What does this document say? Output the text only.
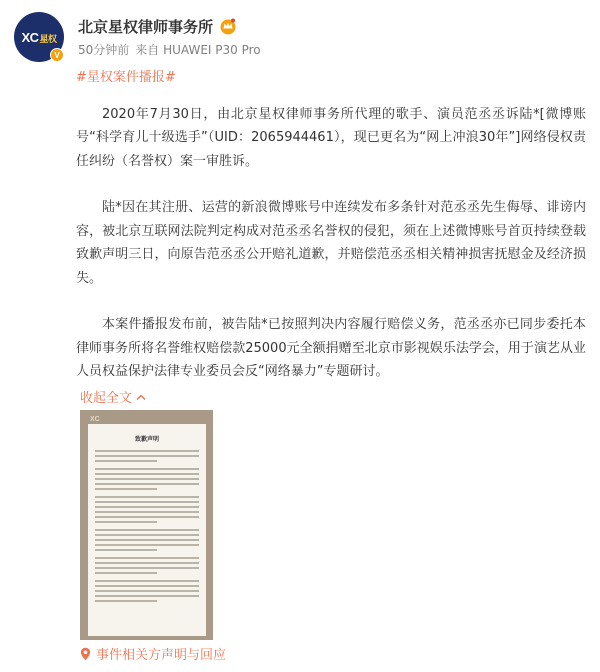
XC星权
V
北京星权律师事务所
50分钟前 来自 HUAWEI P30 Pro
#星权案件播报#

2020年7月30日，由北京星权律师事务所代理的歌手、演员范丞丞诉陆*[微博账号“科学育儿十级选手”（UID：2065944461），现已更名为“网上冲浪30年”]网络侵权责任纠纷（名誉权）案一审胜诉。

陆*因在其注册、运营的新浪微博账号中连续发布多条针对范丞丞先生侮辱、诽谤内容，被北京互联网法院判定构成对范丞丞名誉权的侵犯，须在上述微博账号首页持续登载致歉声明三日，向原告范丞丞公开赔礼道歉，并赔偿范丞丞相关精神损害抚慰金及经济损失。

本案件播报发布前，被告陆*已按照判决内容履行赔偿义务，范丞丞亦已同步委托本律师事务所将名誉维权赔偿款25000元全额捐赠至北京市影视娱乐法学会，用于演艺从业人员权益保护法律专业委员会反“网络暴力”专题研讨。

收起全文
XC
致歉声明
事件相关方声明与回应
